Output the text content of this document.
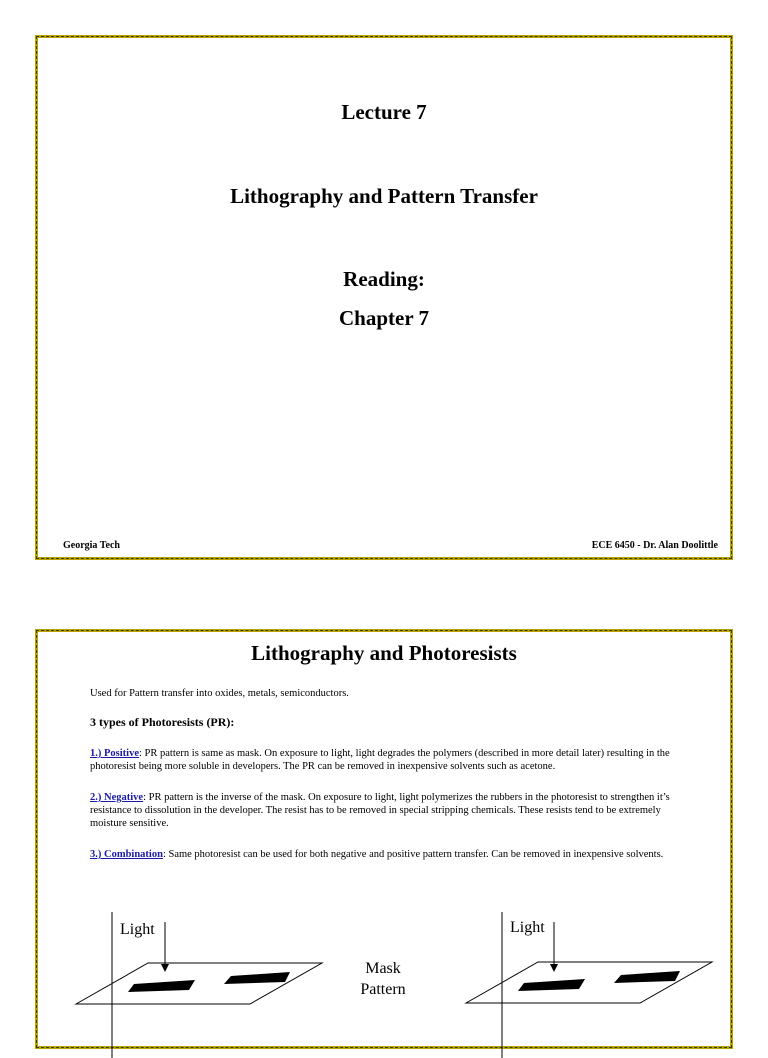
Lecture 7

Lithography and Pattern Transfer

Reading:

Chapter 7

Georgia Tech	ECE 6450 - Dr. Alan Doolittle

Lithography and Photoresists

Used for Pattern transfer into oxides, metals, semiconductors.

3 types of Photoresists (PR):

1.) Positive: PR pattern is same as mask. On exposure to light, light degrades the polymers (described in more detail later) resulting in the photoresist being more soluble in developers. The PR can be removed in inexpensive solvents such as acetone.

2.) Negative: PR pattern is the inverse of the mask. On exposure to light, light polymerizes the rubbers in the photoresist to strengthen it’s resistance to dissolution in the developer. The resist has to be removed in special stripping chemicals. These resists tend to be extremely moisture sensitive.

3.) Combination: Same photoresist can be used for both negative and positive pattern transfer. Can be removed in inexpensive solvents.

Light
Mask
Pattern
Light
